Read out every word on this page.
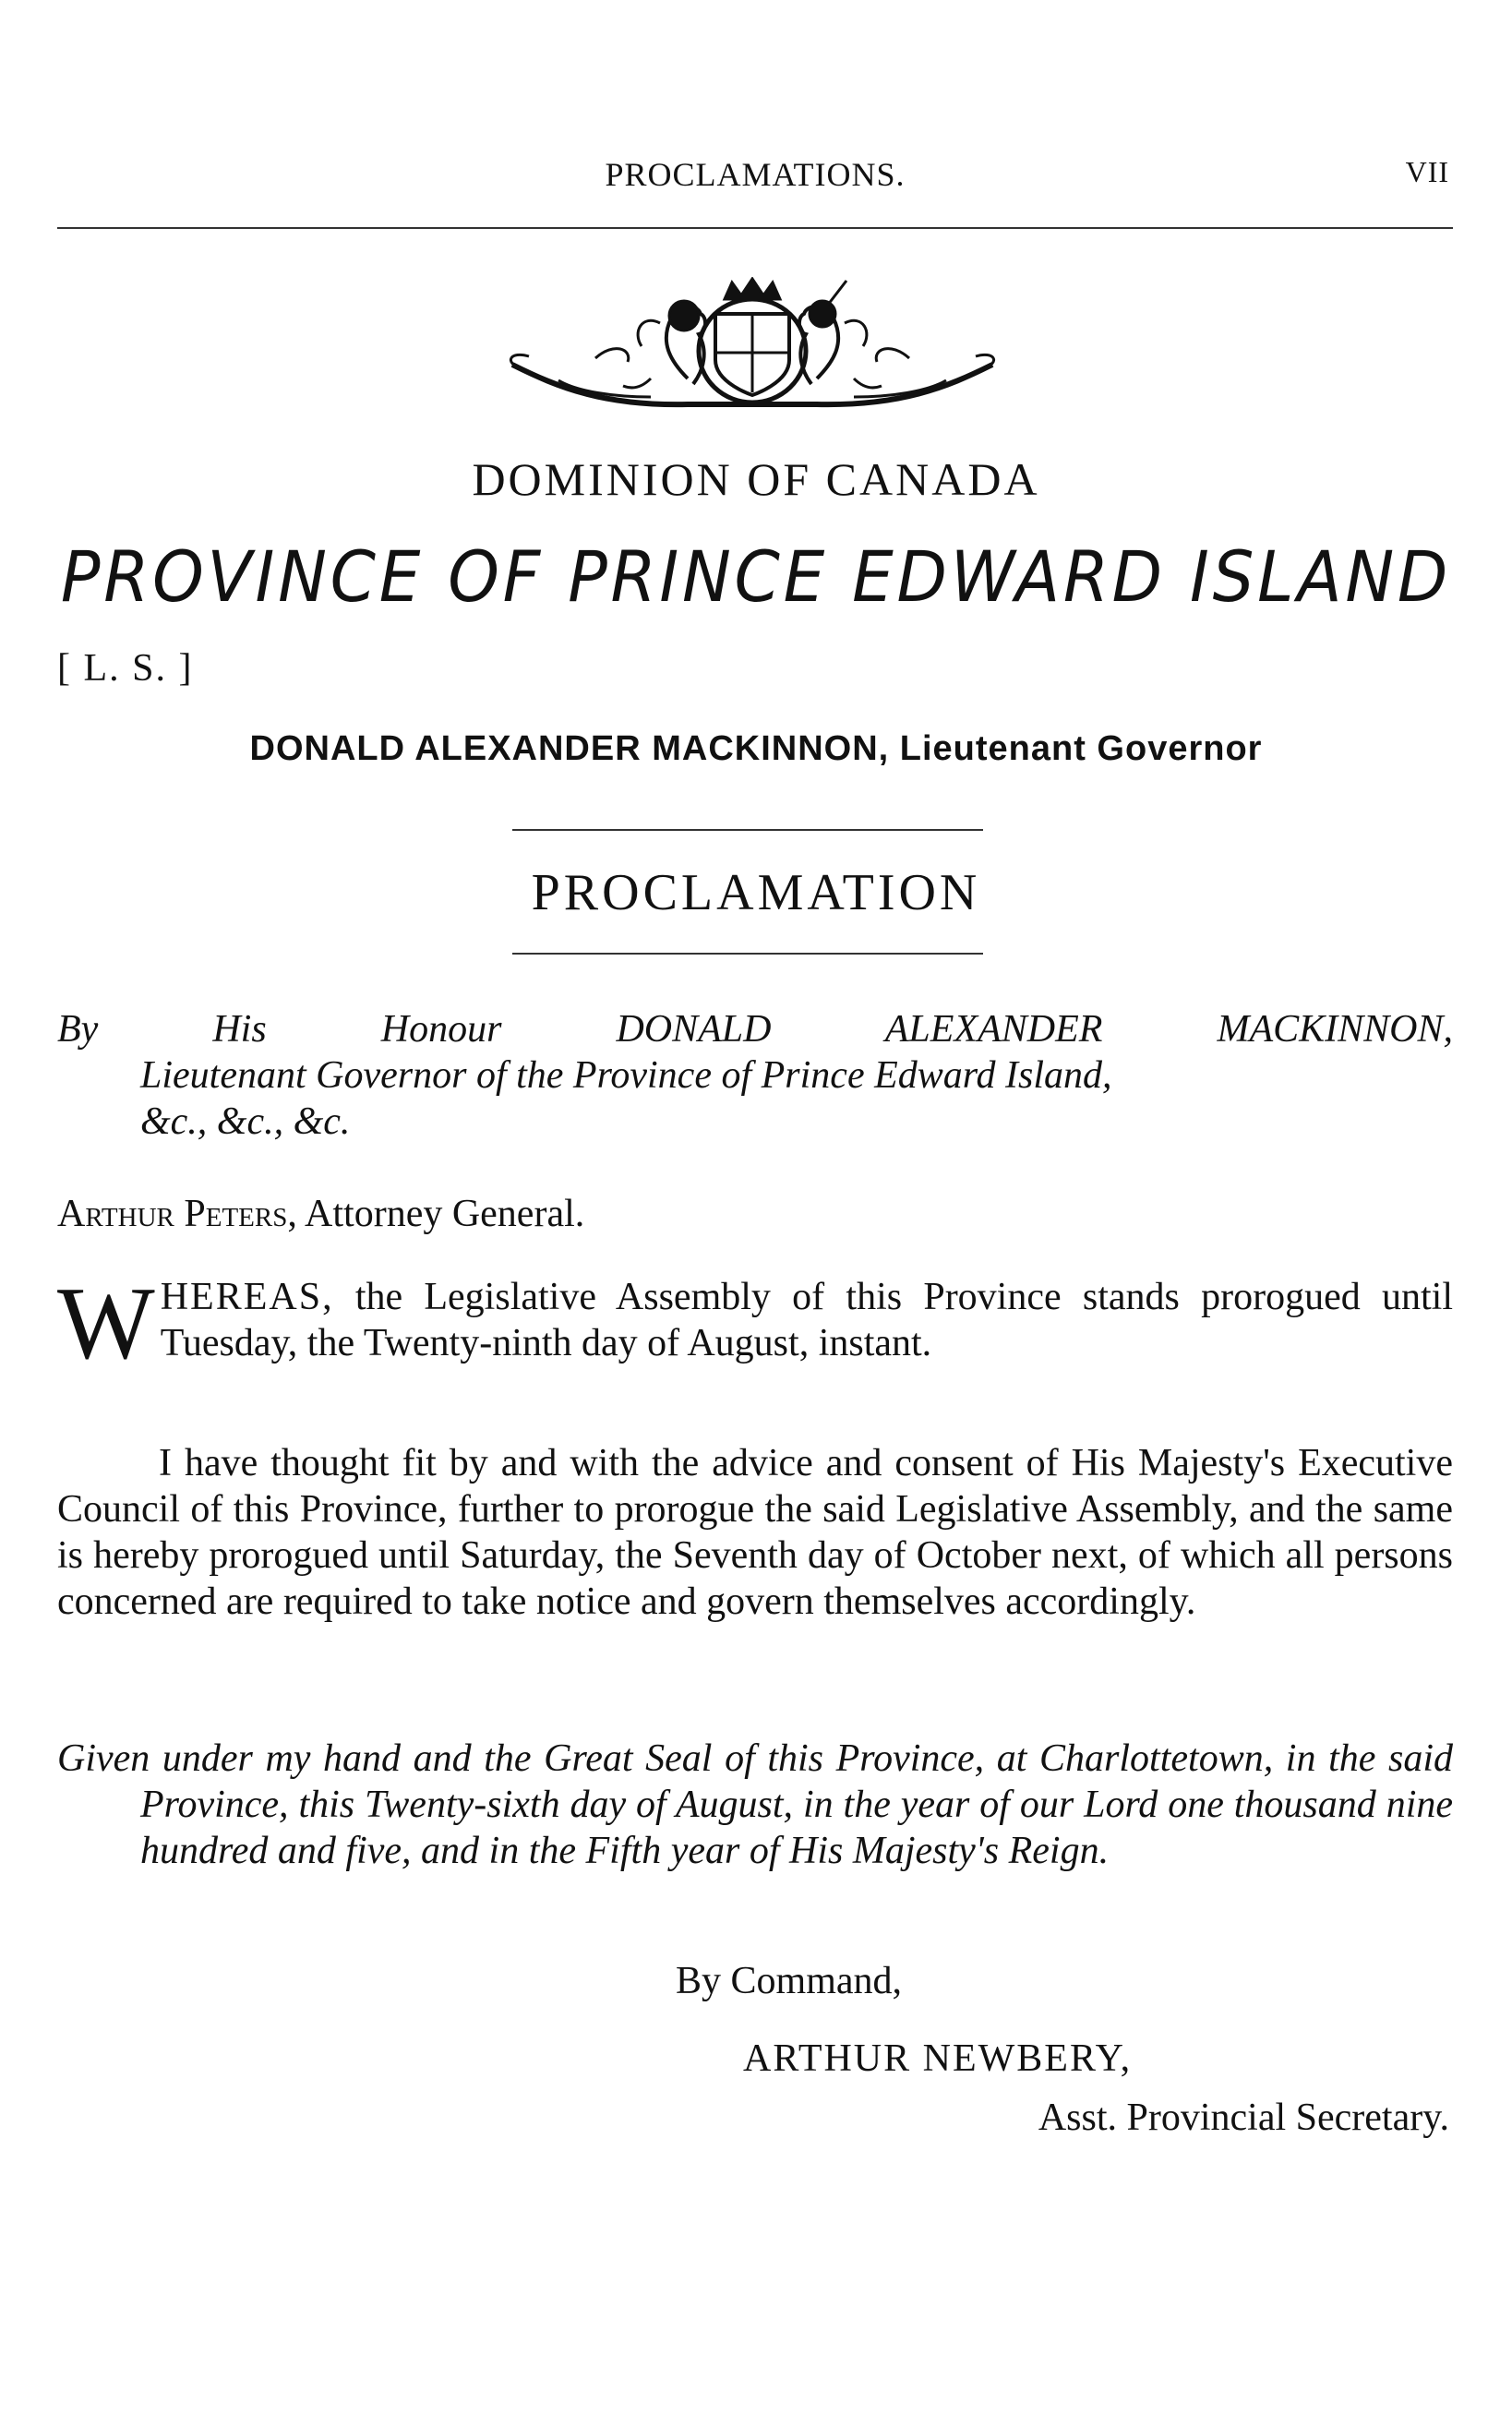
PROCLAMATIONS.	VII
DOMINION OF CANADA
PROVINCE OF PRINCE EDWARD ISLAND
[ L. S. ]
DONALD ALEXANDER MACKINNON, Lieutenant Governor
PROCLAMATION
By His Honour DONALD ALEXANDER MACKINNON,
Lieutenant Governor of the Province of Prince Edward Island,
&c., &c., &c.
Arthur Peters, Attorney General.
WHEREAS, the Legislative Assembly of this Province stands prorogued until Tuesday, the Twenty-ninth day of August, instant.
I have thought fit by and with the advice and consent of His Majesty's Executive Council of this Province, further to prorogue the said Legislative Assembly, and the same is hereby prorogued until Saturday, the Seventh day of October next, of which all persons concerned are required to take notice and govern themselves accordingly.
Given under my hand and the Great Seal of this Province, at Charlottetown, in the said Province, this Twenty-sixth day of August, in the year of our Lord one thousand nine hundred and five, and in the Fifth year of His Majesty's Reign.
By Command,
ARTHUR NEWBERY,
Asst. Provincial Secretary.
